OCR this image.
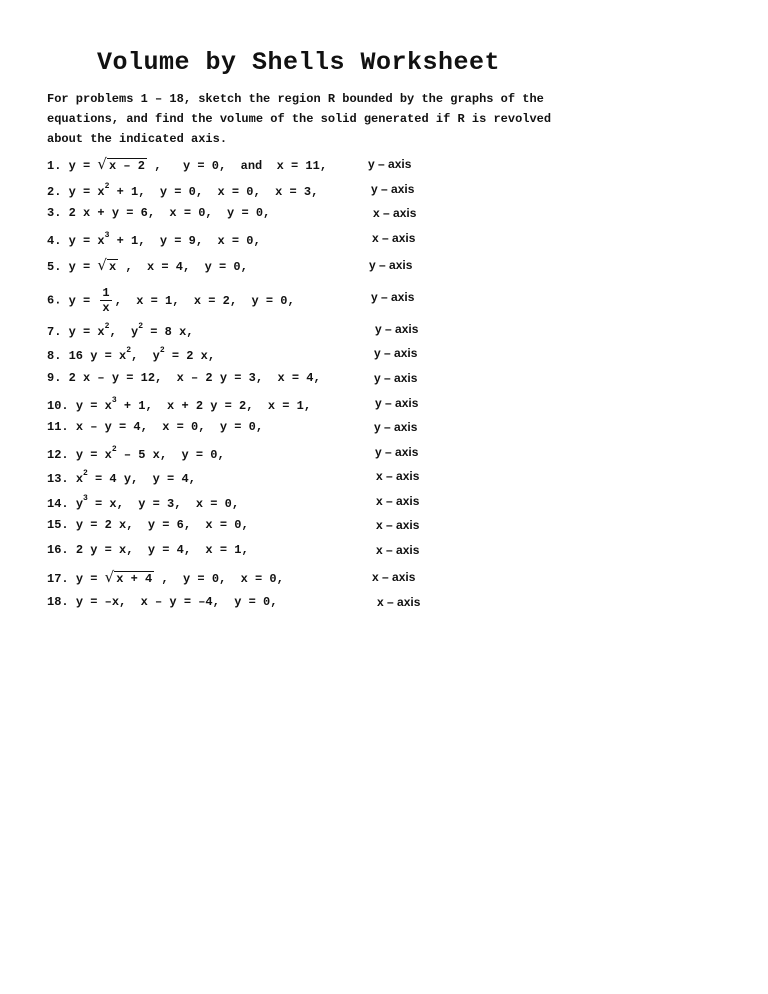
Volume by Shells Worksheet
For problems 1 – 18, sketch the region R bounded by the graphs of the
equations, and find the volume of the solid generated if R is revolved
about the indicated axis.
1. y = √ x – 2 ,   y = 0,  and  x = 11,	y – axis
2. $y = x^2 + 1$,  y = 0,  x = 0,  x = 3,	y – axis
3. 2 x + y = 6,  x = 0,  y = 0,	x – axis
4. $y = x^3 + 1$,  y = 9,  x = 0,	x – axis
5. y = √ x ,  x = 4,  y = 0,	y – axis
6. $y = \frac{1}{x}$ ,  x = 1,  x = 2,  y = 0,	y – axis
7. $y = x^2$,  $y^2 = 8$ x,	y – axis
8. 16 $y = x^2$,  $y^2 = 2$ x,	y – axis
9. 2 x – y = 12,  x – 2 y = 3,  x = 4,	y – axis
10. $y = x^3 + 1$,  x + 2 y = 2,  x = 1,	y – axis
11. x – y = 4,  x = 0,  y = 0,	y – axis
12. $y = x^2 - 5$ x,  y = 0,	y – axis
13. $x^2 = 4$ y,  y = 4,	x – axis
14. $y^3 = x$,  y = 3,  x = 0,	x – axis
15. y = 2 x,  y = 6,  x = 0,	x – axis
16. 2 y = x,  y = 4,  x = 1,	x – axis
17. y = √ x + 4 ,  y = 0,  x = 0,	x – axis
18. y = –x,  x – y = –4,  y = 0,	x – axis
